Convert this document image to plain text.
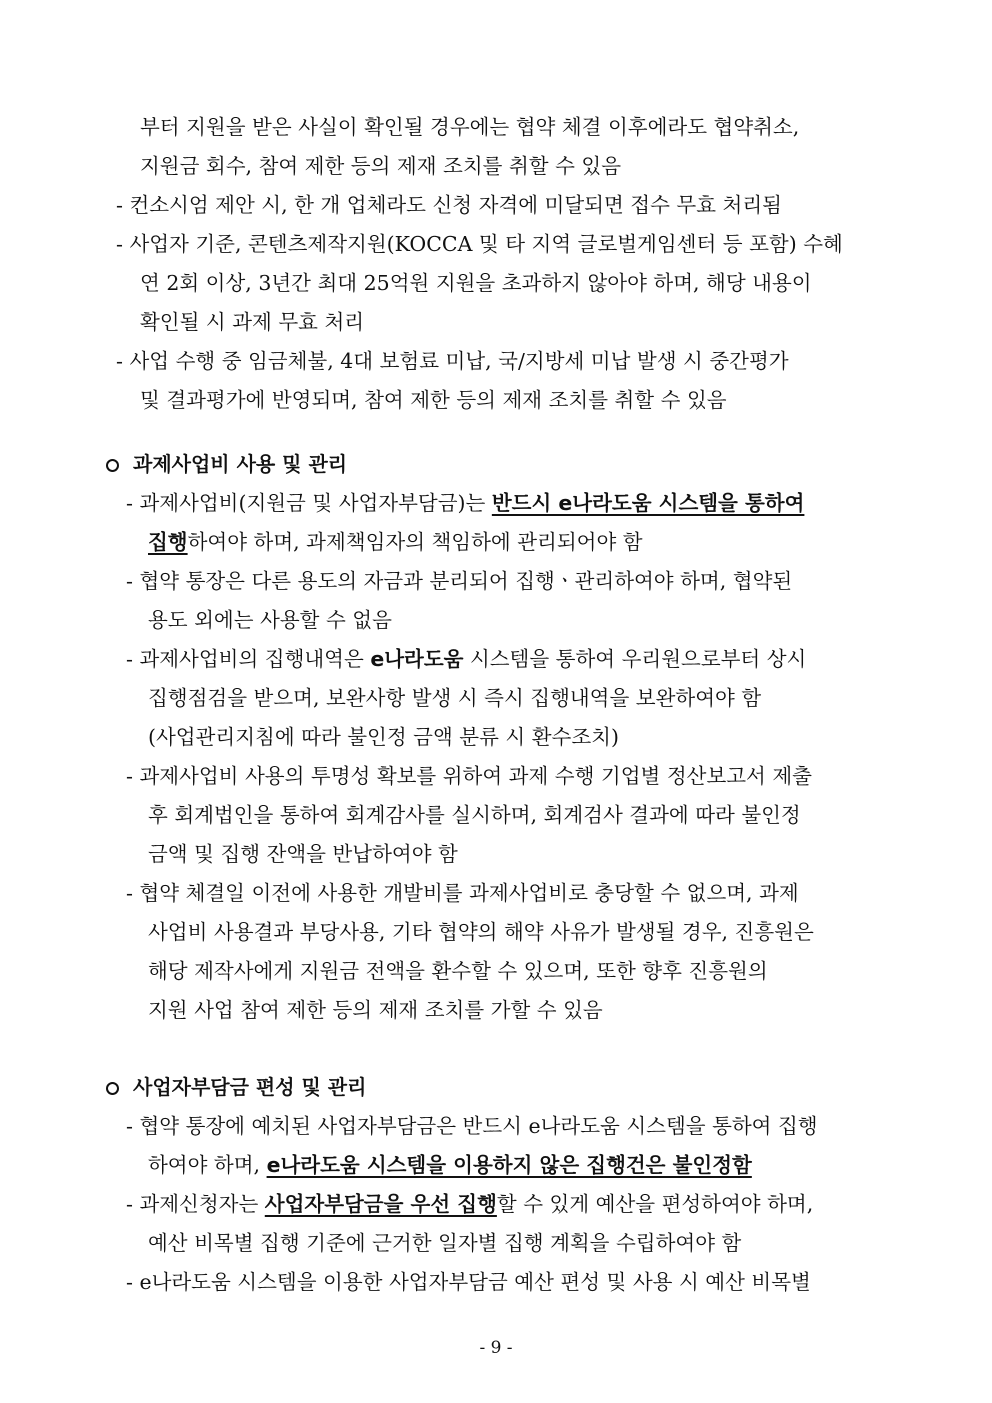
부터 지원을 받은 사실이 확인될 경우에는 협약 체결 이후에라도 협약취소,
지원금 회수, 참여 제한 등의 제재 조치를 취할 수 있음
- 컨소시엄 제안 시, 한 개 업체라도 신청 자격에 미달되면 접수 무효 처리됨
- 사업자 기준, 콘텐츠제작지원(KOCCA 및 타 지역 글로벌게임센터 등 포함) 수혜
연 2회 이상, 3년간 최대 25억원 지원을 초과하지 않아야 하며, 해당 내용이
확인될 시 과제 무효 처리
- 사업 수행 중 임금체불, 4대 보험료 미납, 국/지방세 미납 발생 시 중간평가
및 결과평가에 반영되며, 참여 제한 등의 제재 조치를 취할 수 있음
과제사업비 사용 및 관리
- 과제사업비(지원금 및 사업자부담금)는 반드시 e나라도움 시스템을 통하여
집행하여야 하며, 과제책임자의 책임하에 관리되어야 함
- 협약 통장은 다른 용도의 자금과 분리되어 집행ㆍ관리하여야 하며, 협약된
용도 외에는 사용할 수 없음
- 과제사업비의 집행내역은 e나라도움 시스템을 통하여 우리원으로부터 상시
집행점검을 받으며, 보완사항 발생 시 즉시 집행내역을 보완하여야 함
(사업관리지침에 따라 불인정 금액 분류 시 환수조치)
- 과제사업비 사용의 투명성 확보를 위하여 과제 수행 기업별 정산보고서 제출
후 회계법인을 통하여 회계감사를 실시하며, 회계검사 결과에 따라 불인정
금액 및 집행 잔액을 반납하여야 함
- 협약 체결일 이전에 사용한 개발비를 과제사업비로 충당할 수 없으며, 과제
사업비 사용결과 부당사용, 기타 협약의 해약 사유가 발생될 경우, 진흥원은
해당 제작사에게 지원금 전액을 환수할 수 있으며, 또한 향후 진흥원의
지원 사업 참여 제한 등의 제재 조치를 가할 수 있음
사업자부담금 편성 및 관리
- 협약 통장에 예치된 사업자부담금은 반드시 e나라도움 시스템을 통하여 집행
하여야 하며, e나라도움 시스템을 이용하지 않은 집행건은 불인정함
- 과제신청자는 사업자부담금을 우선 집행할 수 있게 예산을 편성하여야 하며,
예산 비목별 집행 기준에 근거한 일자별 집행 계획을 수립하여야 함
- e나라도움 시스템을 이용한 사업자부담금 예산 편성 및 사용 시 예산 비목별
- 9 -
